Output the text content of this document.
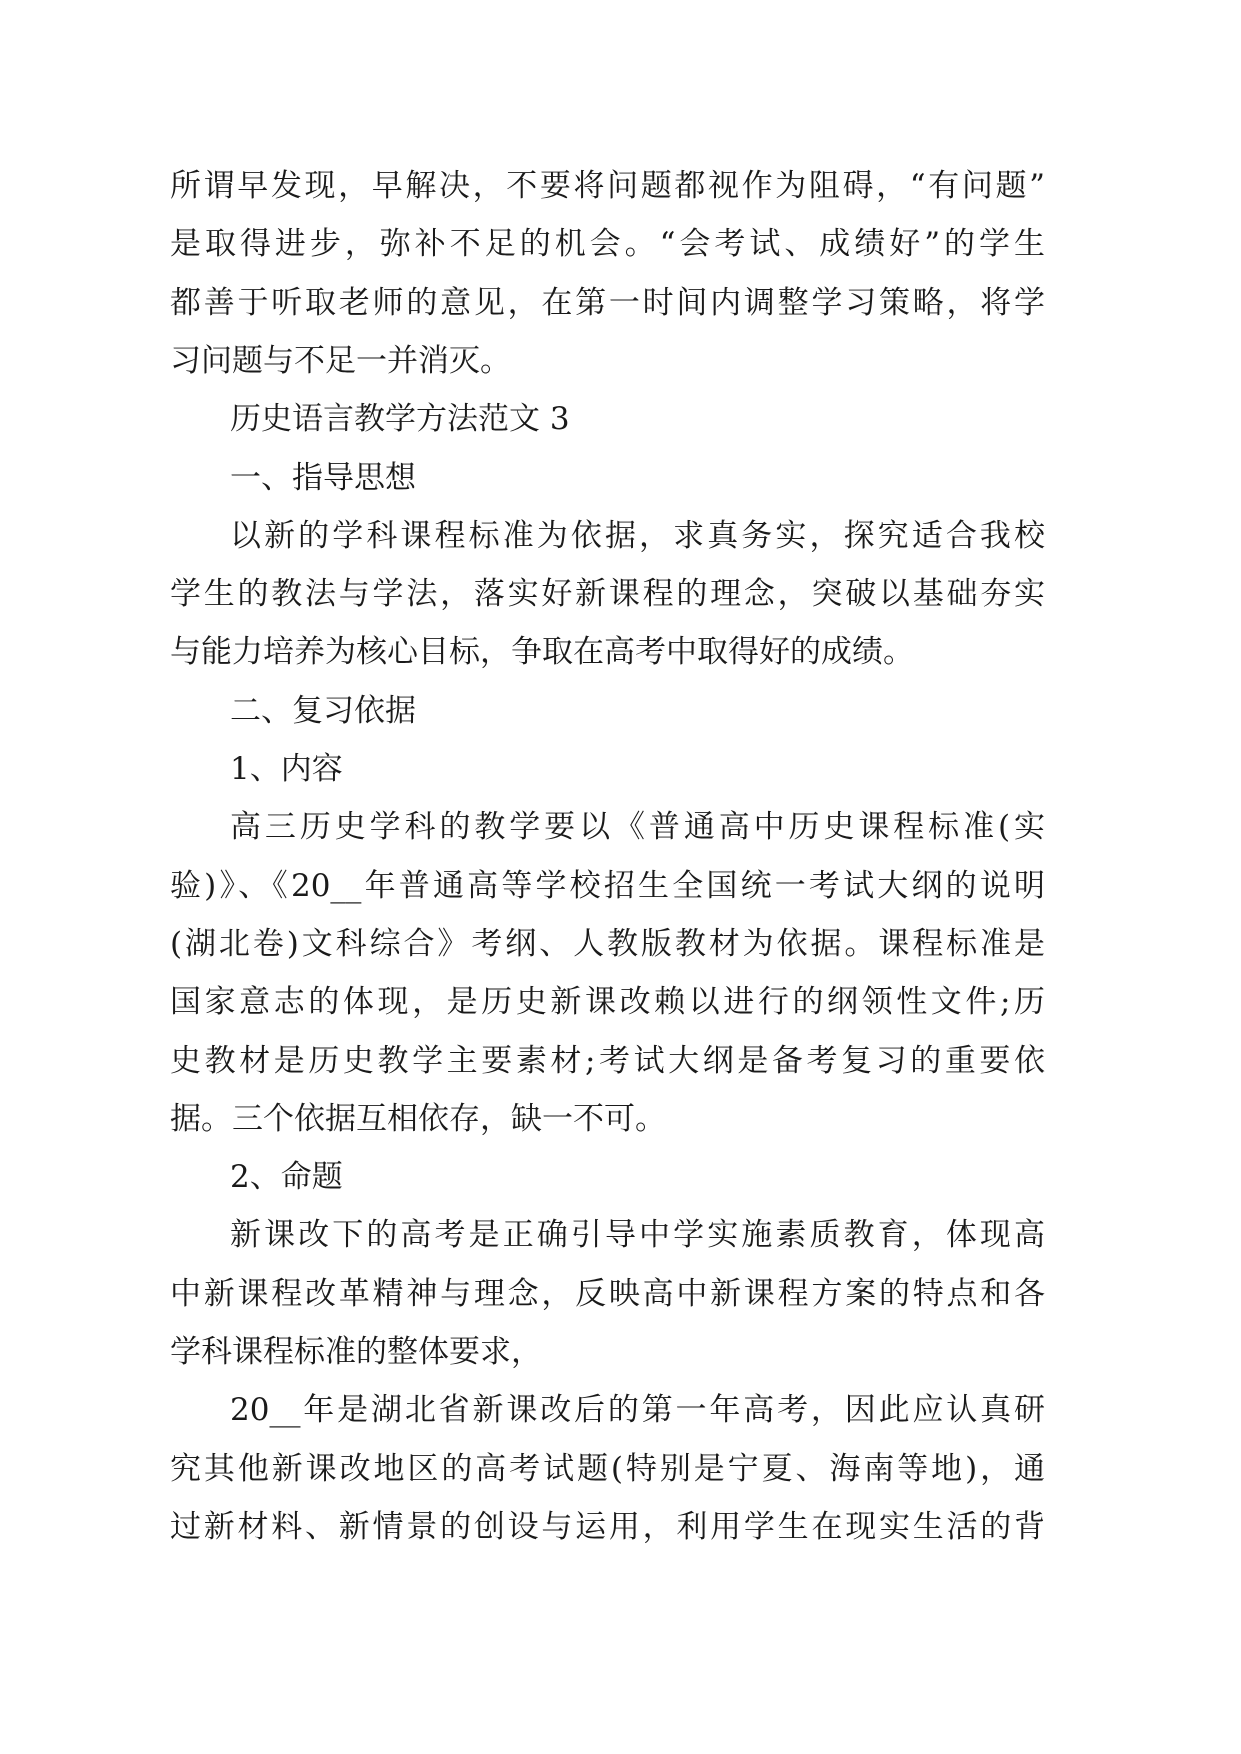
所谓早发现，早解决，不要将问题都视作为阻碍，“有问题”
是取得进步，弥补不足的机会。“会考试、成绩好”的学生
都善于听取老师的意见，在第一时间内调整学习策略，将学
习问题与不足一并消灭。
历史语言教学方法范文 3
一、指导思想
以新的学科课程标准为依据，求真务实，探究适合我校
学生的教法与学法，落实好新课程的理念，突破以基础夯实
与能力培养为核心目标，争取在高考中取得好的成绩。
二、复习依据
1、内容
高三历史学科的教学要以《普通高中历史课程标准(实
验)》、《20__年普通高等学校招生全国统一考试大纲的说明
(湖北卷)文科综合》考纲、人教版教材为依据。课程标准是
国家意志的体现，是历史新课改赖以进行的纲领性文件;历
史教材是历史教学主要素材;考试大纲是备考复习的重要依
据。三个依据互相依存，缺一不可。
2、命题
新课改下的高考是正确引导中学实施素质教育，体现高
中新课程改革精神与理念，反映高中新课程方案的特点和各
学科课程标准的整体要求，
20__年是湖北省新课改后的第一年高考，因此应认真研
究其他新课改地区的高考试题(特别是宁夏、海南等地)，通
过新材料、新情景的创设与运用，利用学生在现实生活的背
